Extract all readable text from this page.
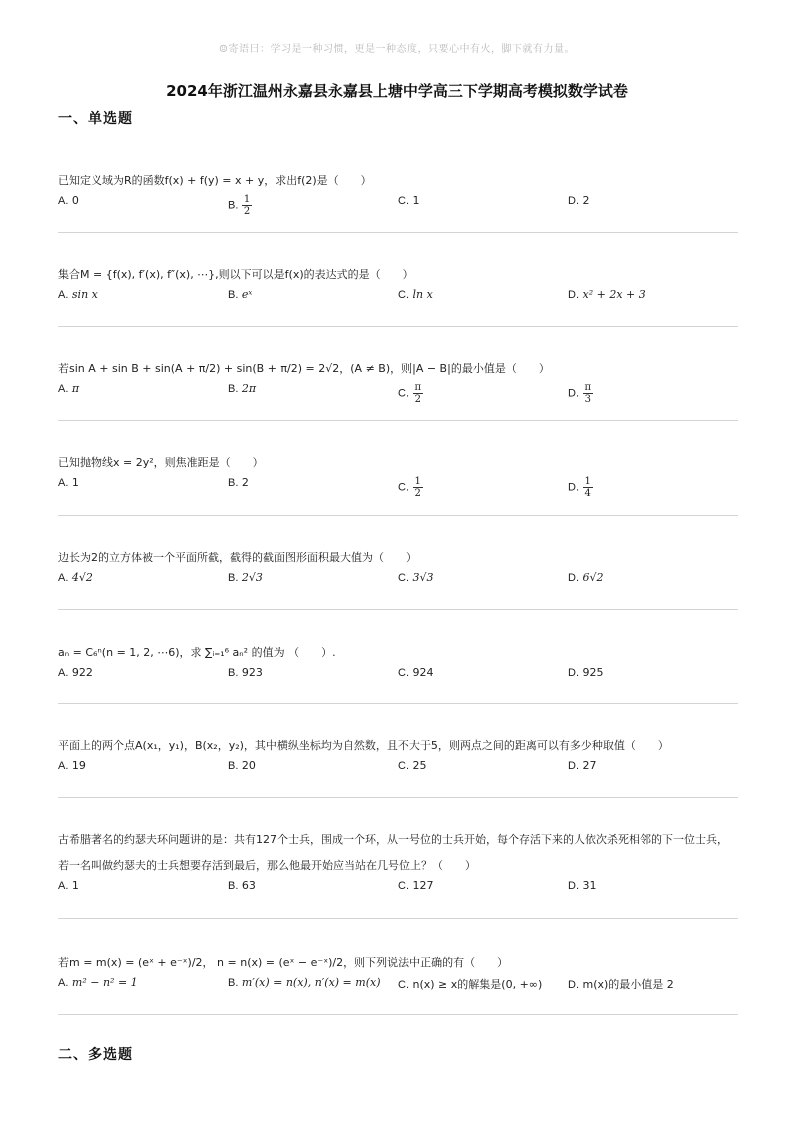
☺寄语曰：学习是一种习惯，更是一种态度，只要心中有火，脚下就有力量。
2024年浙江温州永嘉县永嘉县上塘中学高三下学期高考模拟数学试卷
一、单选题
已知定义域为R的函数f(x) + f(y) = x + y，求出f(2)是（　　）
A. 0	B. $\frac{1}{2}$	C. 1	D. 2
集合M = {f(x), f′(x), f″(x), ⋯},则以下可以是f(x)的表达式的是（　　）
A. sin x	B. eˣ	C. ln x	D. x² + 2x + 3
若sin A + sin B + sin(A + π/2) + sin(B + π/2) = 2√2，(A ≠ B)，则|A − B|的最小值是（　　）
A. π	B. 2π	C. $\frac{\pi}{2}$	D. $\frac{\pi}{3}$
已知抛物线x = 2y²，则焦准距是（　　）
A. 1	B. 2	C. $\frac{1}{2}$	D. $\frac{1}{4}$
边长为2的立方体被一个平面所截，截得的截面图形面积最大值为（　　）
A. 4√2	B. 2√3	C. 3√3	D. 6√2
aₙ = C₆ⁿ(n = 1, 2, ⋯6)，求 ∑ᵢ₌₁⁶ aₙ² 的值为 （　　）.
A. 922	B. 923	C. 924	D. 925
平面上的两个点A(x₁，y₁)，B(x₂，y₂)，其中横纵坐标均为自然数，且不大于5，则两点之间的距离可以有多少种取值（　　）
A. 19	B. 20	C. 25	D. 27
古希腊著名的约瑟夫环问题讲的是：共有127个士兵，围成一个环，从一号位的士兵开始，每个存活下来的人依次杀死相邻的下一位士兵，若一名叫做约瑟夫的士兵想要存活到最后，那么他最开始应当站在几号位上？（　　）
A. 1	B. 63	C. 127	D. 31
若m = m(x) = (eˣ + e⁻ˣ)/2， n = n(x) = (eˣ − e⁻ˣ)/2，则下列说法中正确的有（　　）
A. m² − n² = 1	B. m′(x) = n(x), n′(x) = m(x) C. n(x) ≥ x的解集是(0, +∞) D. m(x)的最小值是 2
二、多选题
